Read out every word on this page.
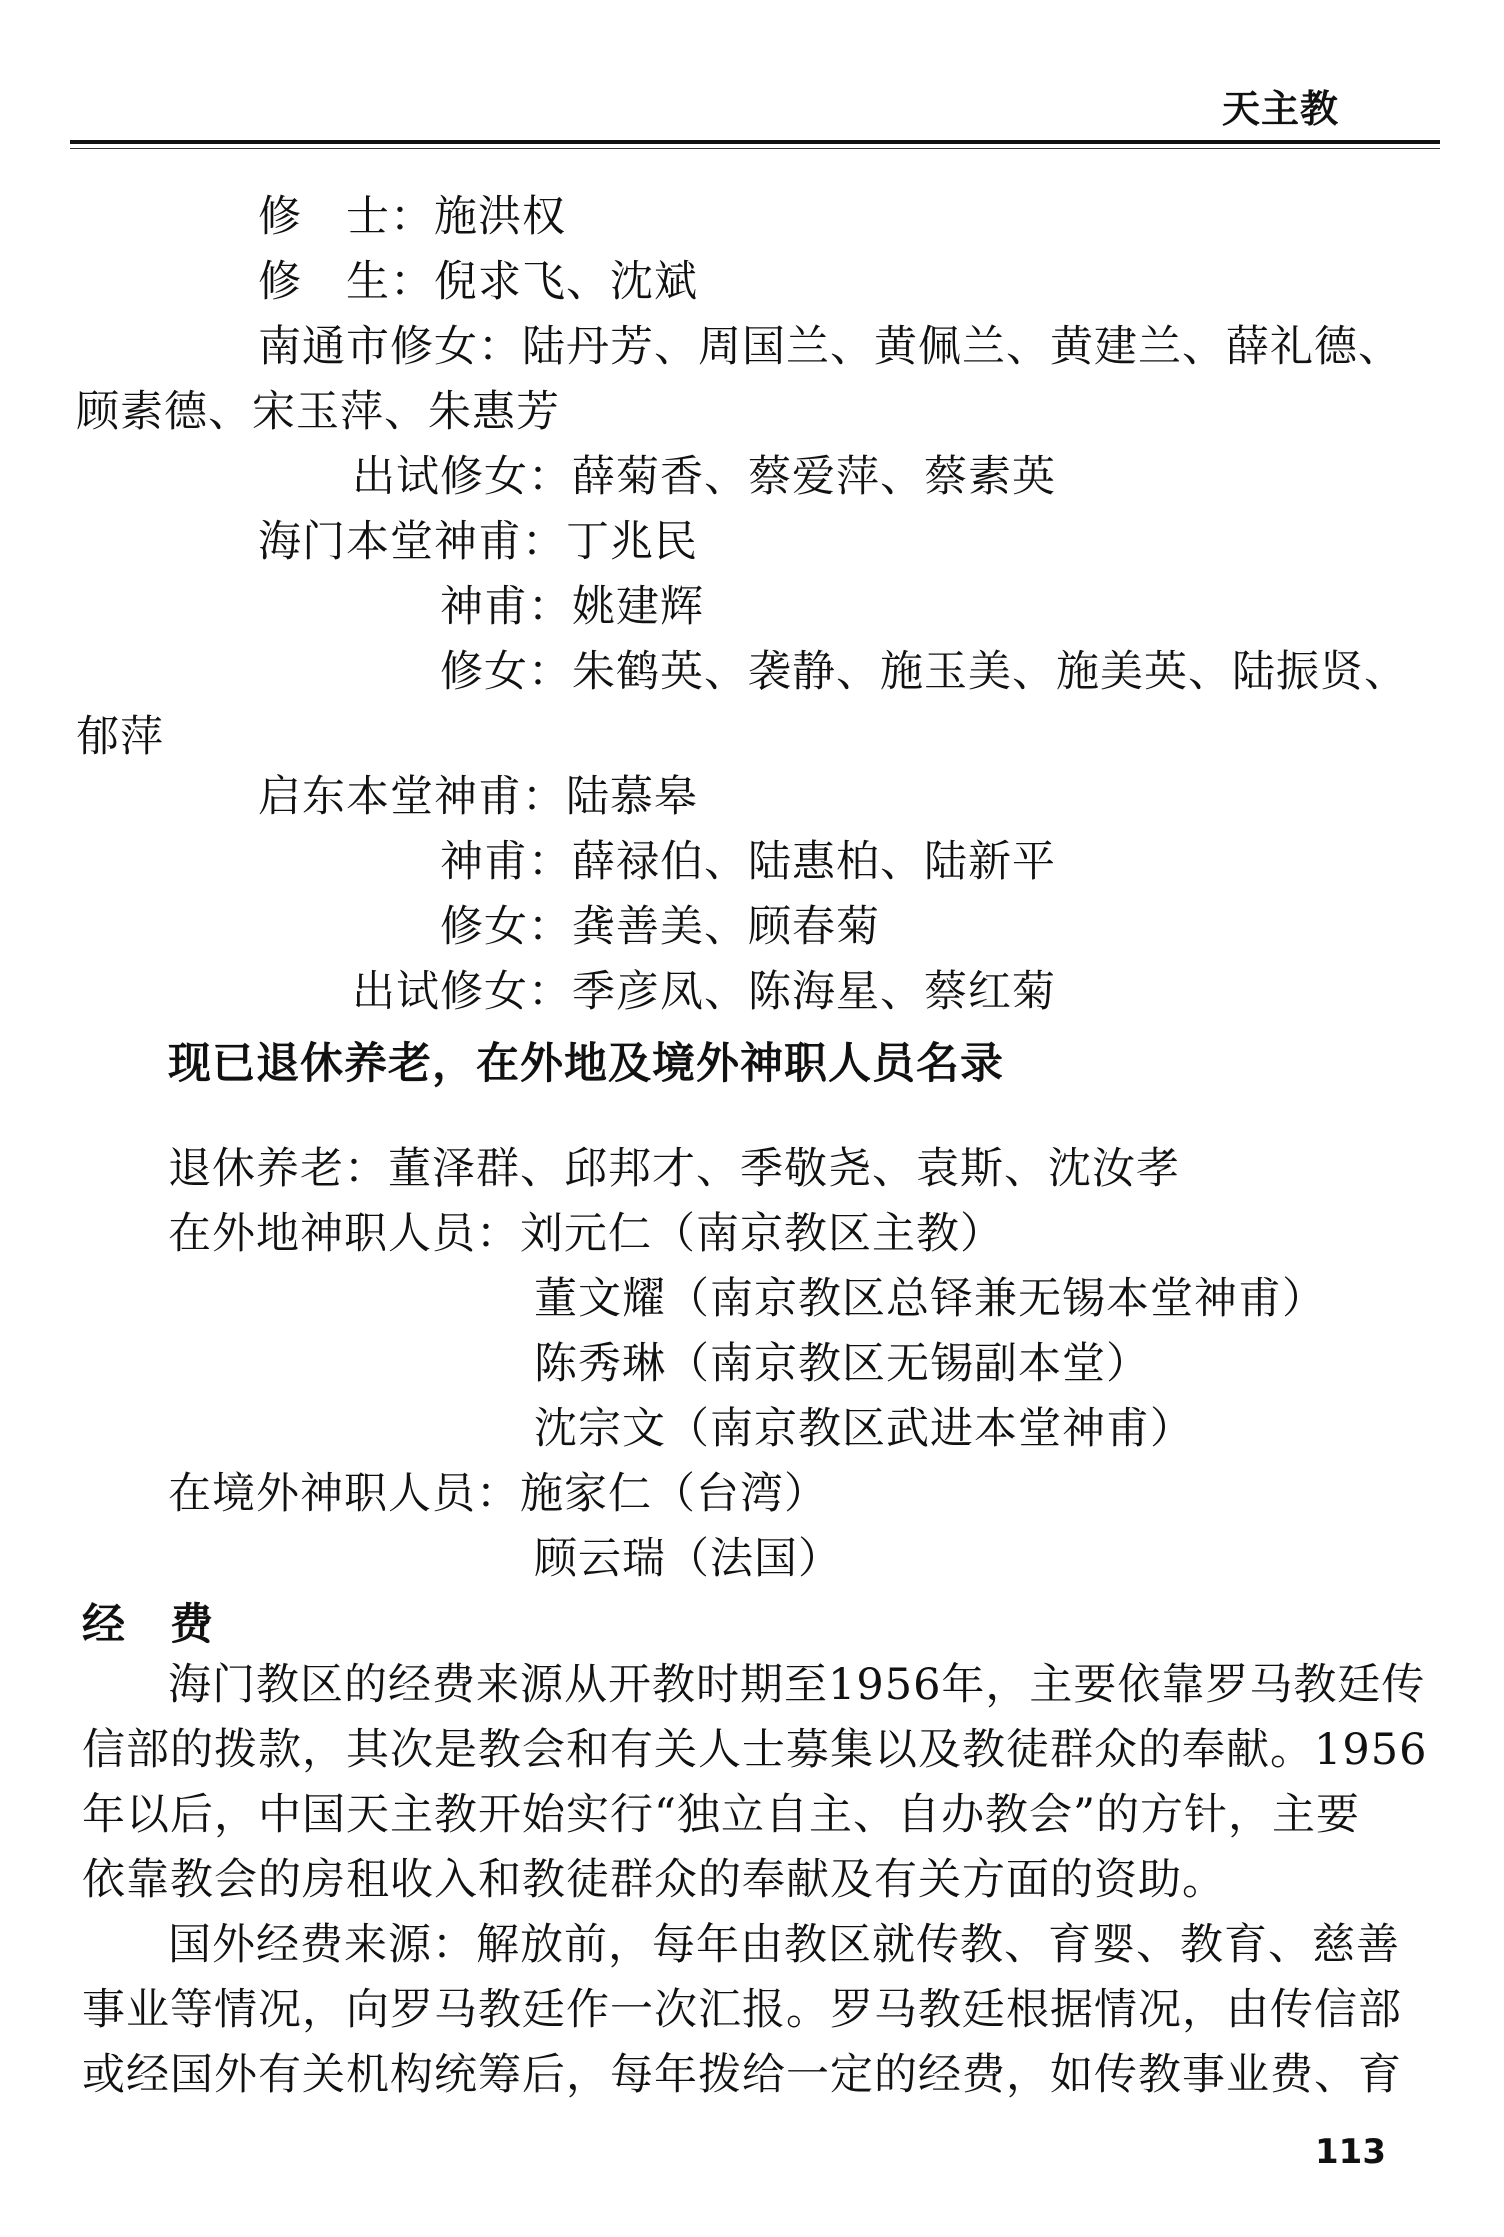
天主教
修　士：施洪权
修　生：倪求飞、沈斌
南通市修女：陆丹芳、周国兰、黄佩兰、黄建兰、薛礼德、
顾素德、宋玉萍、朱惠芳
出试修女：薛菊香、蔡爱萍、蔡素英
海门本堂神甫：丁兆民
神甫：姚建辉
修女：朱鹤英、袭静、施玉美、施美英、陆振贤、
郁萍
启东本堂神甫：陆慕皋
神甫：薛禄伯、陆惠柏、陆新平
修女：龚善美、顾春菊
出试修女：季彦凤、陈海星、蔡红菊
现已退休养老，在外地及境外神职人员名录
退休养老：董泽群、邱邦才、季敬尧、袁斯、沈汝孝
在外地神职人员：刘元仁（南京教区主教）
董文耀（南京教区总铎兼无锡本堂神甫）
陈秀琳（南京教区无锡副本堂）
沈宗文（南京教区武进本堂神甫）
在境外神职人员：施家仁（台湾）
顾云瑞（法国）
经　费
海门教区的经费来源从开教时期至1956年，主要依靠罗马教廷传
信部的拨款，其次是教会和有关人士募集以及教徒群众的奉献。1956
年以后，中国天主教开始实行“独立自主、自办教会”的方针，主要
依靠教会的房租收入和教徒群众的奉献及有关方面的资助。
国外经费来源：解放前，每年由教区就传教、育婴、教育、慈善
事业等情况，向罗马教廷作一次汇报。罗马教廷根据情况，由传信部
或经国外有关机构统筹后，每年拨给一定的经费，如传教事业费、育
113
